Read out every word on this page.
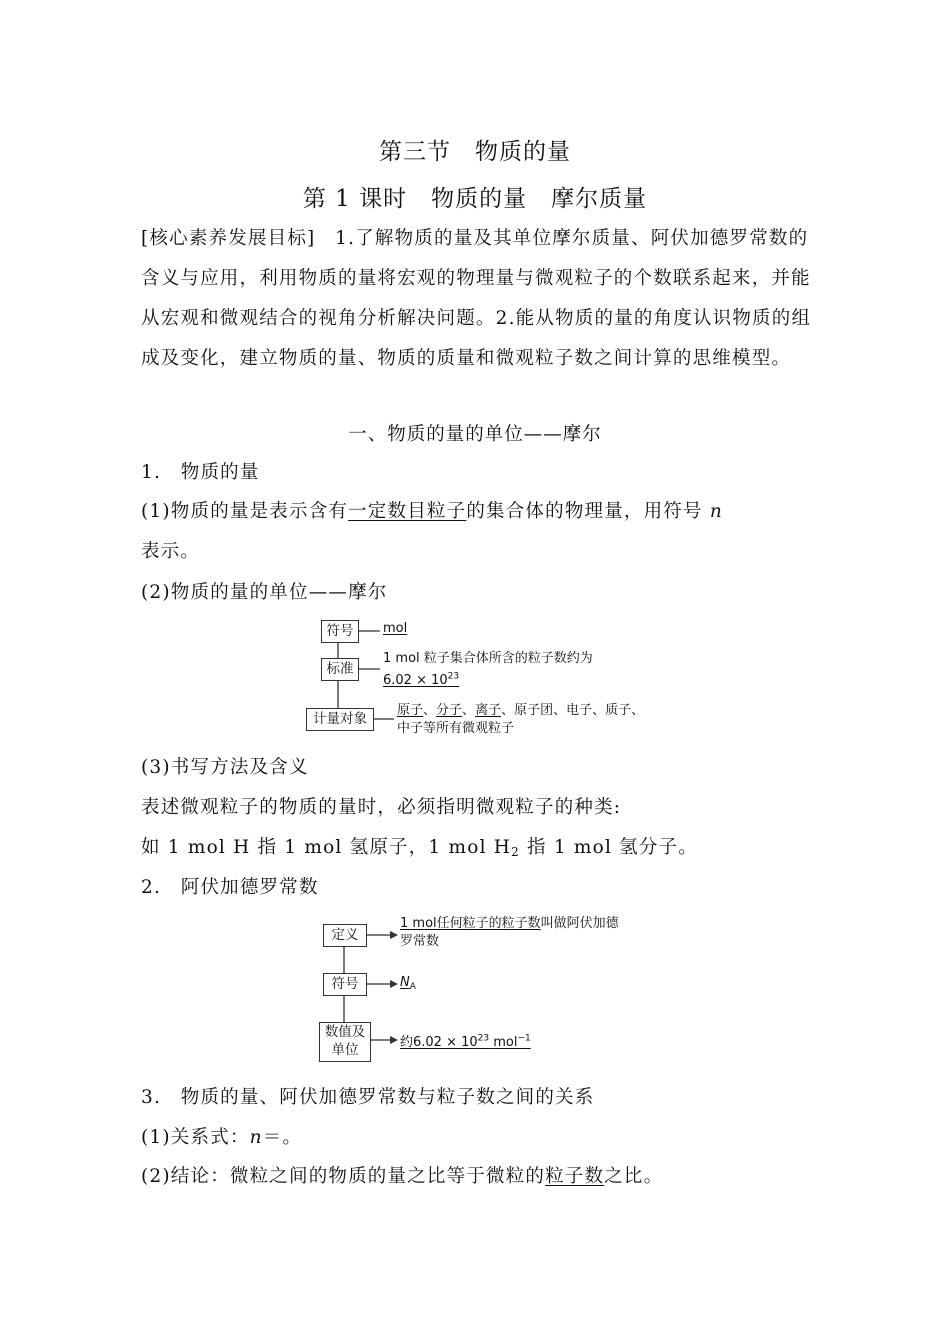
第三节　物质的量
第 1 课时　物质的量　摩尔质量
[核心素养发展目标]　1.了解物质的量及其单位摩尔质量、阿伏加德罗常数的含义与应用，利用物质的量将宏观的物理量与微观粒子的个数联系起来，并能从宏观和微观结合的视角分析解决问题。2.能从物质的量的角度认识物质的组成及变化，建立物质的量、物质的质量和微观粒子数之间计算的思维模型。
一、物质的量的单位——摩尔
1.　物质的量
(1)物质的量是表示含有一定数目粒子的集合体的物理量，用符号 n
表示。
(2)物质的量的单位——摩尔
符号
标准
计量对象
mol
1 mol 粒子集合体所含的粒子数约为
$6.02 \times 10^{23}$
原子、分子、离子、原子团、电子、质子、
中子等所有微观粒子
(3)书写方法及含义
表述微观粒子的物质的量时，必须指明微观粒子的种类:
如 1 mol H 指 1 mol 氢原子，1 mol $H_2$ 指 1 mol 氢分子。
2.　阿伏加德罗常数
定义
符号
数值及
单位
1 mol任何粒子的粒子数叫做阿伏加德
罗常数
$N_A$
约$6.02 \times 10^{23}$ mol$^{-1}$
3.　物质的量、阿伏加德罗常数与粒子数之间的关系
(1)关系式：n＝。
(2)结论：微粒之间的物质的量之比等于微粒的粒子数之比。
